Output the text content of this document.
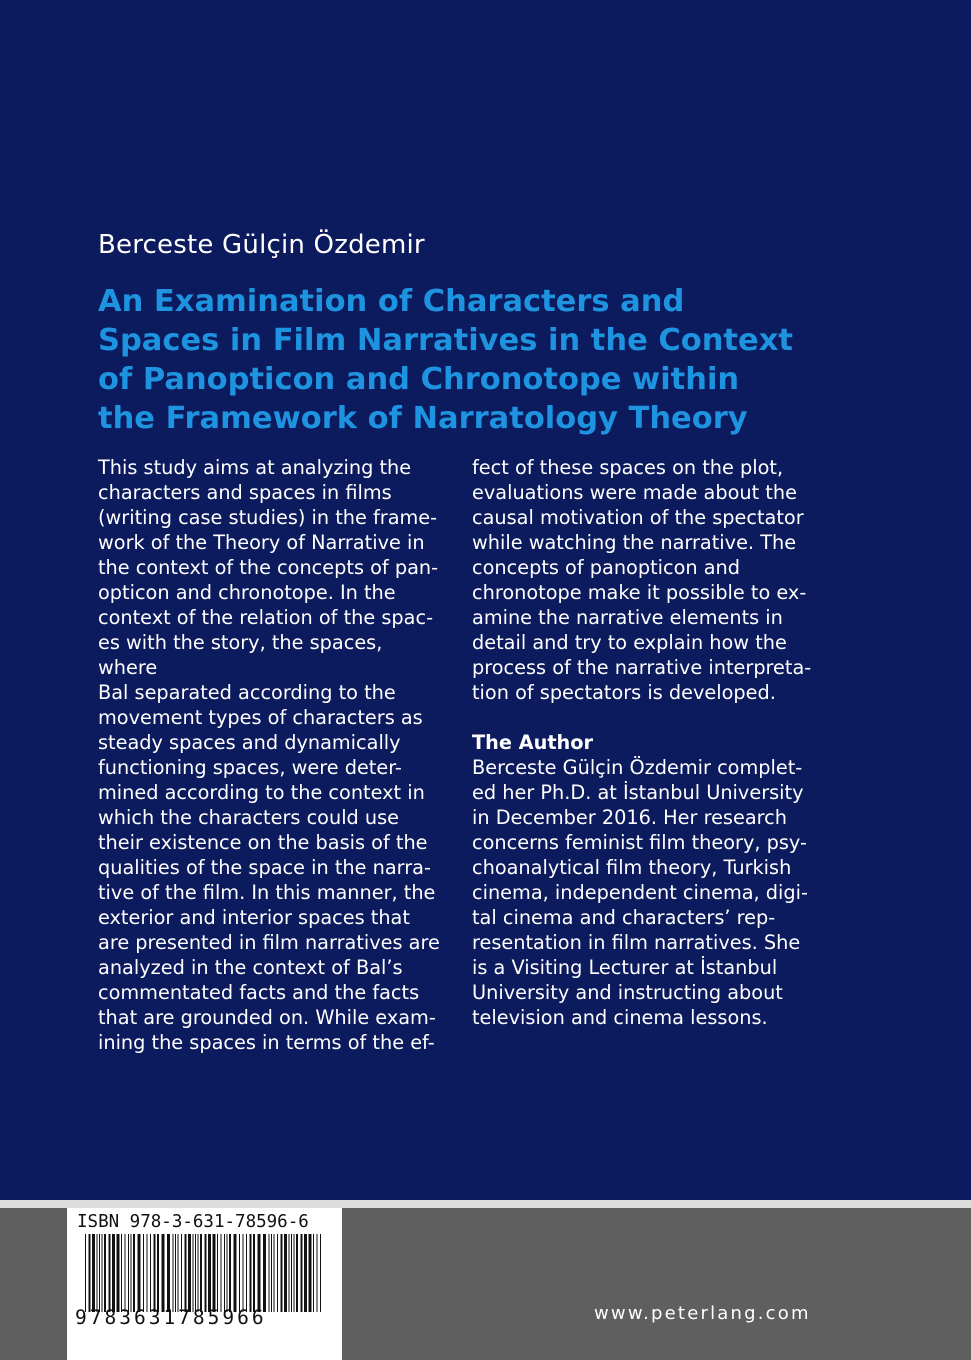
Berceste Gülçin Özdemir
An Examination of Characters and Spaces in Film Narratives in the Context of Panopticon and Chronotope within the Framework of Narratology Theory

This study aims at analyzing the

characters and spaces in films

(writing case studies) in the frame-

work of the Theory of Narrative in

the context of the concepts of pan-

opticon and chronotope. In the

context of the relation of the spac-

es with the story, the spaces, where

Bal separated according to the

movement types of characters as

steady spaces and dynamically

functioning spaces, were deter-

mined according to the context in

which the characters could use

their existence on the basis of the

qualities of the space in the narra-

tive of the film. In this manner, the

exterior and interior spaces that

are presented in film narratives are

analyzed in the context of Bal’s

commentated facts and the facts

that are grounded on. While exam-

ining the spaces in terms of the ef-

fect of these spaces on the plot,

evaluations were made about the

causal motivation of the spectator

while watching the narrative. The

concepts of panopticon and

chronotope make it possible to ex-

amine the narrative elements in

detail and try to explain how the

process of the narrative interpreta-

tion of spectators is developed.

The Author

Berceste Gülçin Özdemir complet-

ed her Ph.D. at İstanbul University

in December 2016. Her research

concerns feminist film theory, psy-

choanalytical film theory, Turkish

cinema, independent cinema, digi-

tal cinema and characters’ rep-

resentation in film narratives. She

is a Visiting Lecturer at İstanbul

University and instructing about

television and cinema lessons.

ISBN 978-3-631-78596-6
9783631785966	www.peterlang.com
